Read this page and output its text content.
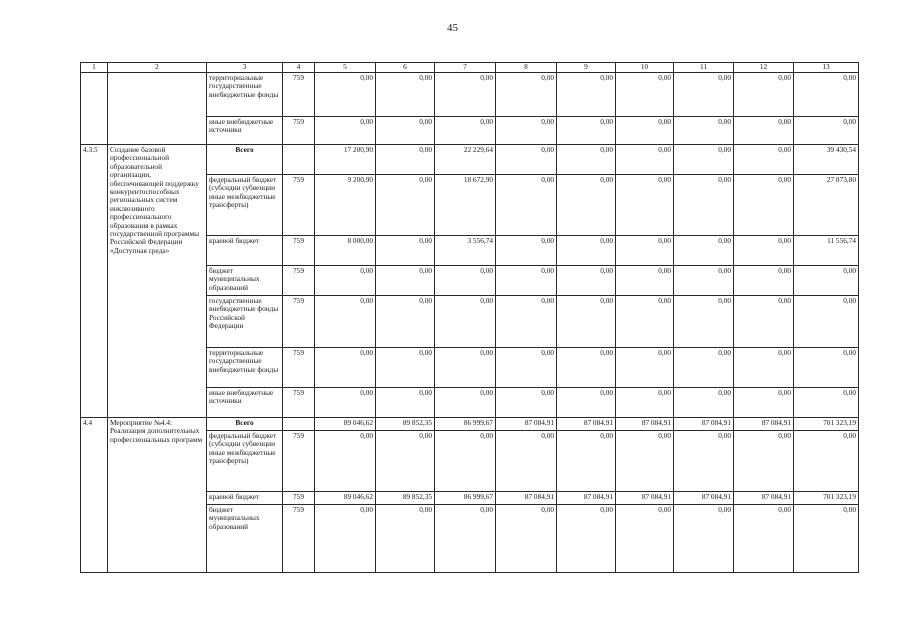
45
1	2	3	4	5	6	7	8	9	10	11	12	13
		территориальные государственные внебюджетные фонды	759	0,00	0,00	0,00	0,00	0,00	0,00	0,00	0,00	0,00
		иные внебюджетные источники	759	0,00	0,00	0,00	0,00	0,00	0,00	0,00	0,00	0,00
4.3.5	Создание базовой профессиональной образовательной организации, обеспечивающей поддержку конкурентоспособных региональных систем инклюзивного профессионального образования в рамках государственной программы Российской Федерации «Доступная среда»	Всего		17 200,90	0,00	22 229,64	0,00	0,00	0,00	0,00	0,00	39 430,54
		федеральный бюджет (субсидии субвенции иные межбюджетные трансферты)	759	9 200,90	0,00	18 672,90	0,00	0,00	0,00	0,00	0,00	27 873,80
		краевой бюджет	759	8 000,00	0,00	3 556,74	0,00	0,00	0,00	0,00	0,00	11 556,74
		бюджет муниципальных образований	759	0,00	0,00	0,00	0,00	0,00	0,00	0,00	0,00	0,00
		государственные внебюджетные фонды Российской Федерации	759	0,00	0,00	0,00	0,00	0,00	0,00	0,00	0,00	0,00
		территориальные государственные внебюджетные фонды	759	0,00	0,00	0,00	0,00	0,00	0,00	0,00	0,00	0,00
		иные внебюджетные источники	759	0,00	0,00	0,00	0,00	0,00	0,00	0,00	0,00	0,00
4.4	Мероприятие №4.4: Реализация дополнительных профессиональных программ	Всего		89 046,62	89 852,35	86 999,67	87 084,91	87 084,91	87 084,91	87 084,91	87 084,91	701 323,19
		федеральный бюджет (субсидии субвенции иные межбюджетные трансферты)	759	0,00	0,00	0,00	0,00	0,00	0,00	0,00	0,00	0,00
		краевой бюджет	759	89 046,62	89 852,35	86 999,67	87 084,91	87 084,91	87 084,91	87 084,91	87 084,91	701 323,19
		бюджет муниципальных образований	759	0,00	0,00	0,00	0,00	0,00	0,00	0,00	0,00	0,00
